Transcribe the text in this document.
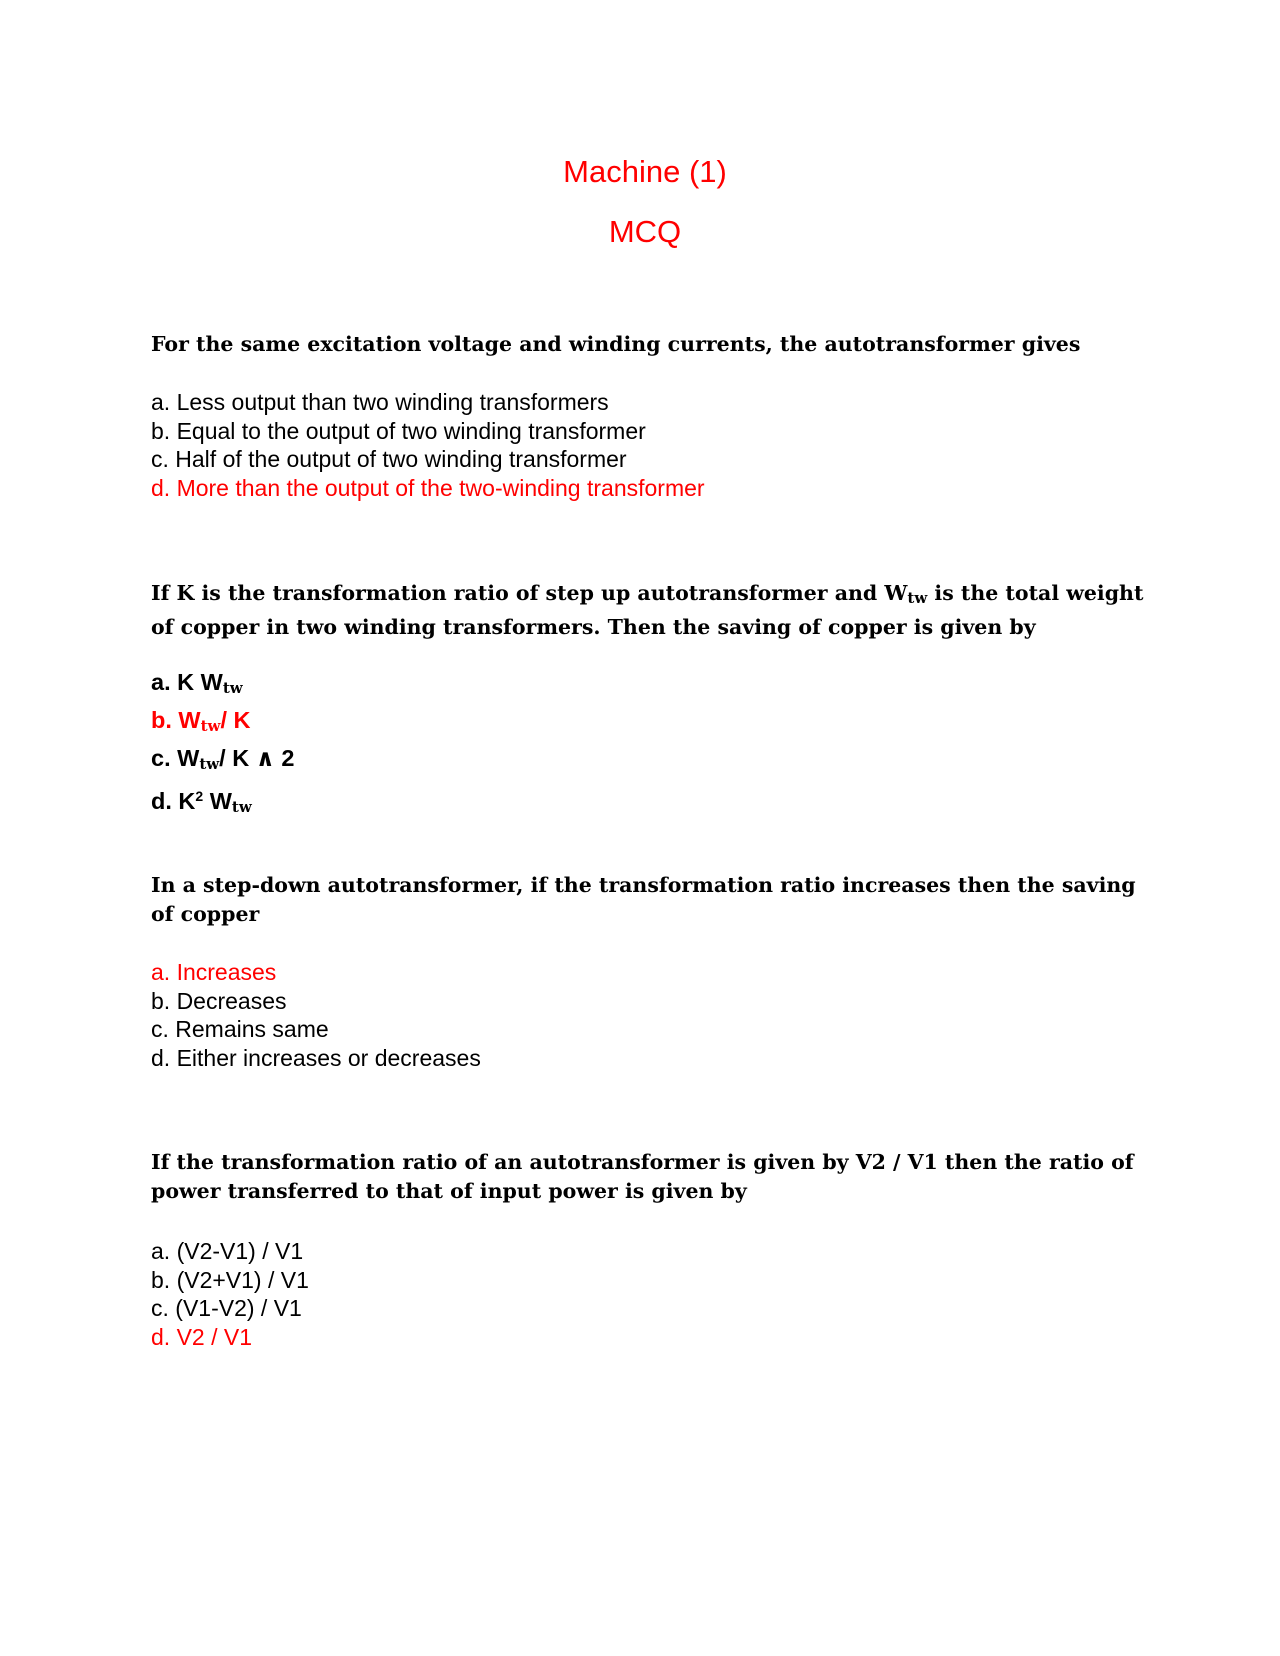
Machine (1)
MCQ
For the same excitation voltage and winding currents, the autotransformer gives
a. Less output than two winding transformers
b. Equal to the output of two winding transformer
c. Half of the output of two winding transformer
d. More than the output of the two-winding transformer
If K is the transformation ratio of step up autotransformer and $W_{tw}$ is the total weight of copper in two winding transformers. Then the saving of copper is given by
a. K $W_{tw}$
b. $W_{tw}/$ K
c. $W_{tw}/$ K ∧ 2
d. $K^2$ $W_{tw}$
In a step-down autotransformer, if the transformation ratio increases then the saving of copper
a. Increases
b. Decreases
c. Remains same
d. Either increases or decreases
If the transformation ratio of an autotransformer is given by V2 / V1 then the ratio of power transferred to that of input power is given by
a. (V2-V1) / V1
b. (V2+V1) / V1
c. (V1-V2) / V1
d. V2 / V1
